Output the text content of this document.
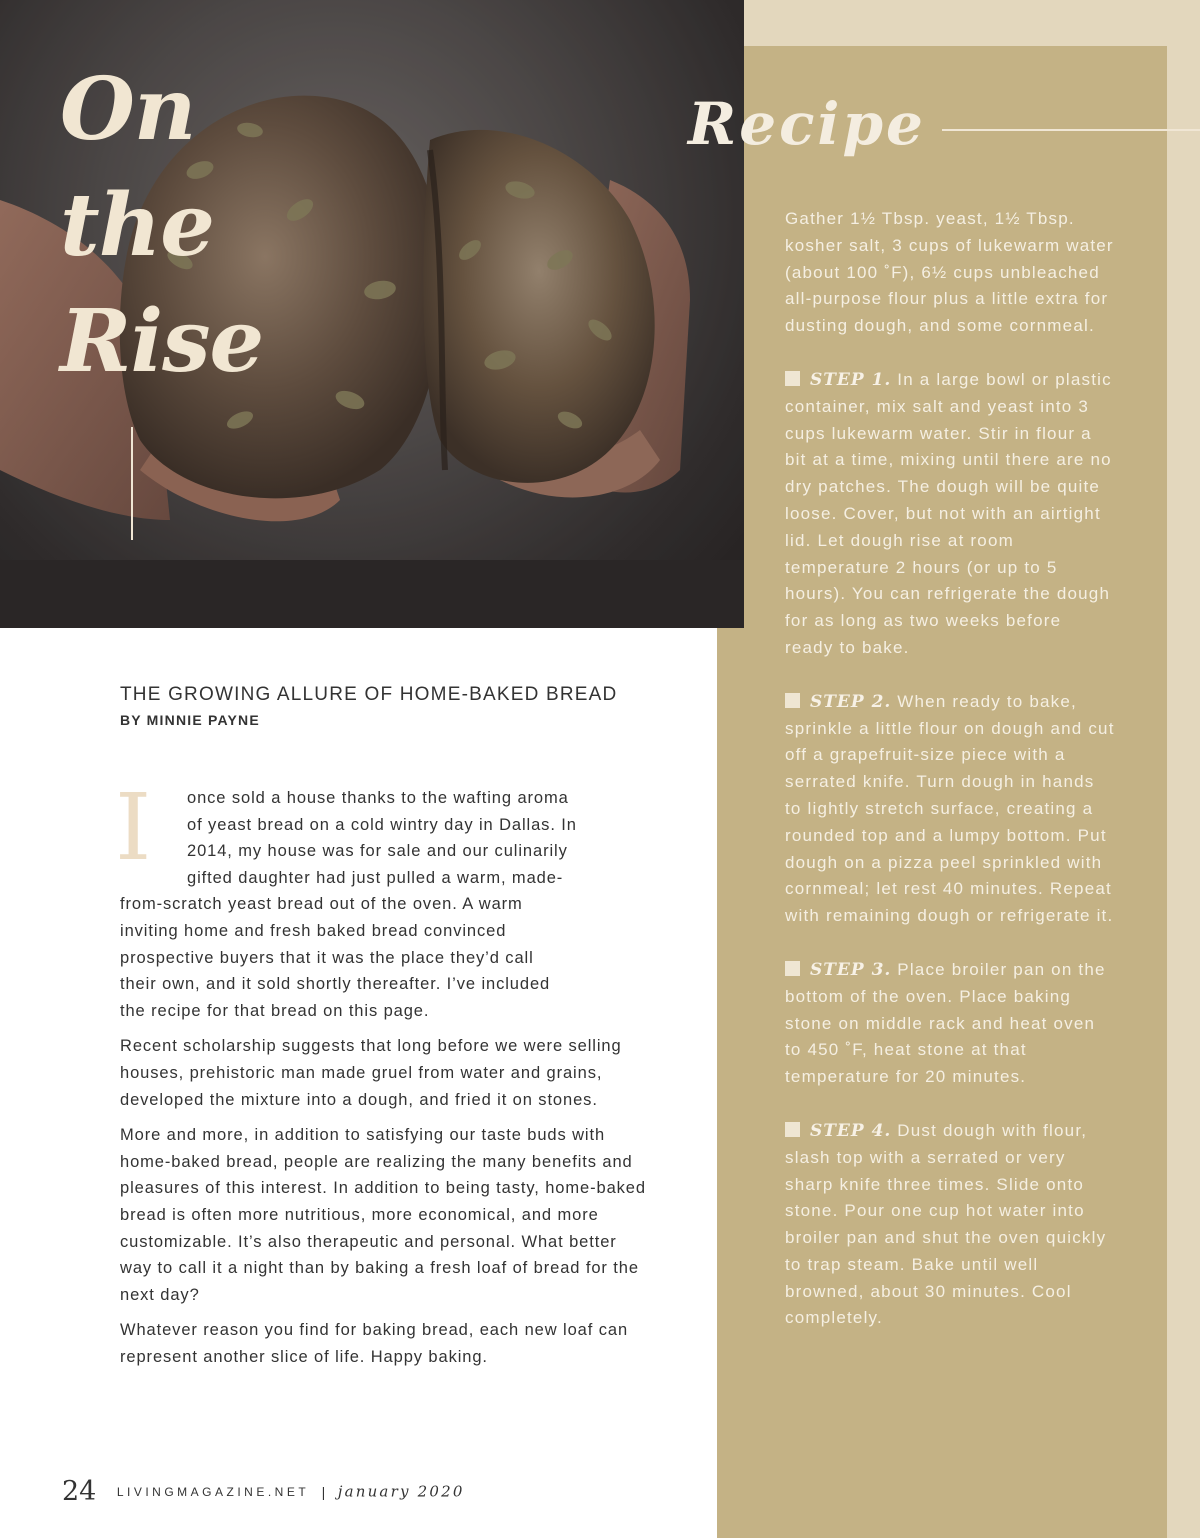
On
the
Rise
Recipe

Gather 1½ Tbsp. yeast, 1½ Tbsp. kosher salt, 3 cups of lukewarm water (about 100 ˚F), 6½ cups unbleached all-purpose flour plus a little extra for dusting dough, and some cornmeal.

STEP 1. In a large bowl or plastic container, mix salt and yeast into 3 cups lukewarm water. Stir in flour a bit at a time, mixing until there are no dry patches. The dough will be quite loose. Cover, but not with an airtight lid. Let dough rise at room temperature 2 hours (or up to 5 hours). You can refrigerate the dough for as long as two weeks before ready to bake.

STEP 2. When ready to bake, sprinkle a little flour on dough and cut off a grapefruit-size piece with a serrated knife. Turn dough in hands to lightly stretch surface, creating a rounded top and a lumpy bottom. Put dough on a pizza peel sprinkled with cornmeal; let rest 40 minutes. Repeat with remaining dough or refrigerate it.

STEP 3. Place broiler pan on the bottom of the oven. Place baking stone on middle rack and heat oven to 450 ˚F, heat stone at that temperature for 20 minutes.

STEP 4. Dust dough with flour, slash top with a serrated or very sharp knife three times. Slide onto stone. Pour one cup hot water into broiler pan and shut the oven quickly to trap steam. Bake until well browned, about 30 minutes. Cool completely.

THE GROWING ALLURE OF HOME-BAKED BREAD

BY MINNIE PAYNE

I	once sold a house thanks to the wafting aroma
of yeast bread on a cold wintry day in Dallas. In
2014, my house was for sale and our culinarily
gifted daughter had just pulled a warm, made-
from-scratch yeast bread out of the oven. A warm
inviting home and fresh baked bread convinced
prospective buyers that it was the place they’d call
their own, and it sold shortly thereafter. I’ve included
the recipe for that bread on this page.

Recent scholarship suggests that long before we were selling houses, prehistoric man made gruel from water and grains, developed the mixture into a dough, and fried it on stones.

More and more, in addition to satisfying our taste buds with home-baked bread, people are realizing the many benefits and pleasures of this interest. In addition to being tasty, home-baked bread is often more nutritious, more economical, and more customizable. It’s also therapeutic and personal. What better way to call it a night than by baking a fresh loaf of bread for the next day?

Whatever reason you find for baking bread, each new loaf can represent another slice of life. Happy baking.

24 LIVINGMAGAZINE.NET | january 2020
